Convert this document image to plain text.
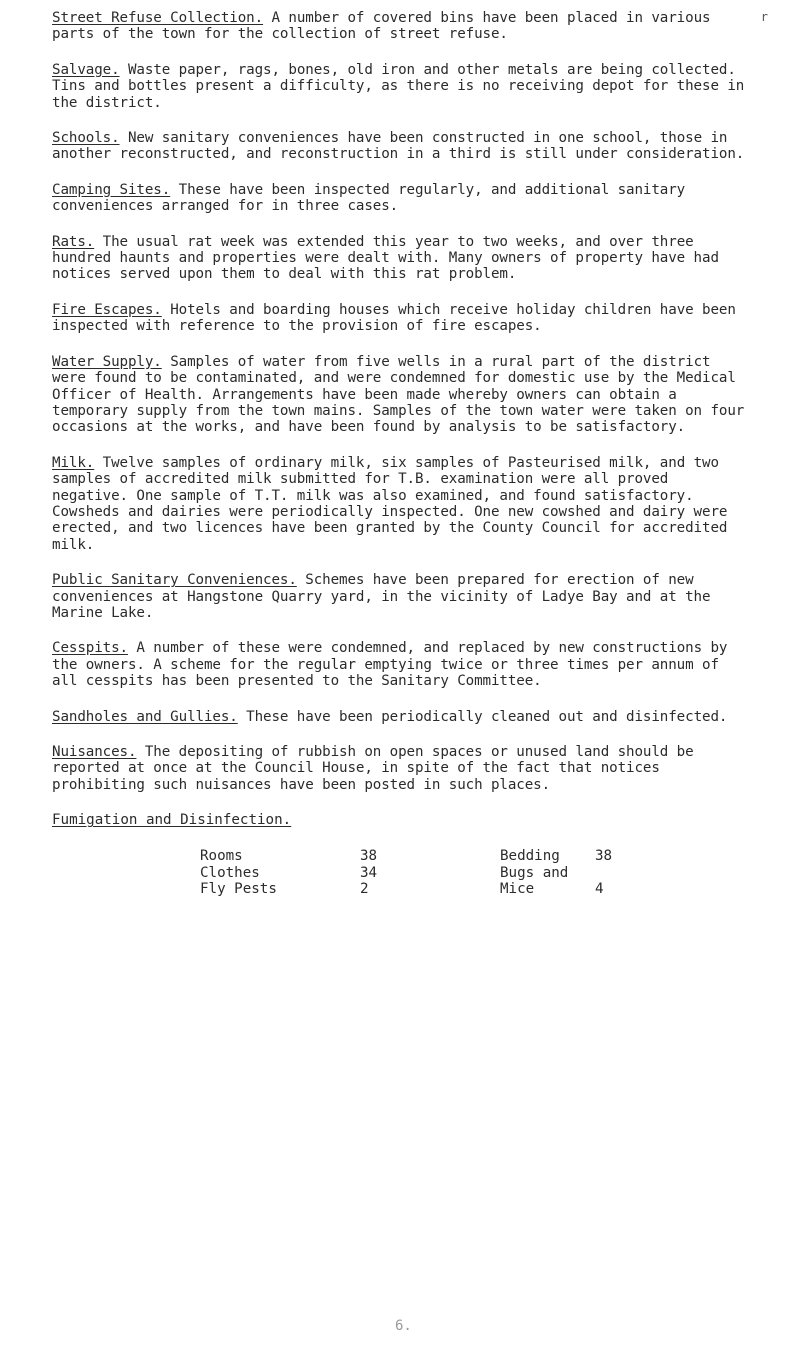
r

Street Refuse Collection. A number of covered bins have been placed in various parts of the town for the collection of street refuse.

Salvage. Waste paper, rags, bones, old iron and other metals are being collected. Tins and bottles present a difficulty, as there is no receiving depot for these in the district.

Schools. New sanitary conveniences have been constructed in one school, those in another reconstructed, and reconstruction in a third is still under consideration.

Camping Sites. These have been inspected regularly, and additional sanitary conveniences arranged for in three cases.

Rats. The usual rat week was extended this year to two weeks, and over three hundred haunts and properties were dealt with. Many owners of property have had notices served upon them to deal with this rat problem.

Fire Escapes. Hotels and boarding houses which receive holiday children have been inspected with reference to the provision of fire escapes.

Water Supply. Samples of water from five wells in a rural part of the district were found to be contaminated, and were condemned for domestic use by the Medical Officer of Health. Arrangements have been made whereby owners can obtain a temporary supply from the town mains. Samples of the town water were taken on four occasions at the works, and have been found by analysis to be satisfactory.

Milk. Twelve samples of ordinary milk, six samples of Pasteurised milk, and two samples of accredited milk submitted for T.B. examination were all proved negative. One sample of T.T. milk was also examined, and found satisfactory. Cowsheds and dairies were periodically inspected. One new cowshed and dairy were erected, and two licences have been granted by the County Council for accredited milk.

Public Sanitary Conveniences. Schemes have been prepared for erection of new conveniences at Hangstone Quarry yard, in the vicinity of Ladye Bay and at the Marine Lake.

Cesspits. A number of these were condemned, and replaced by new constructions by the owners. A scheme for the regular emptying twice or three times per annum of all cesspits has been presented to the Sanitary Committee.

Sandholes and Gullies. These have been periodically cleaned out and disinfected.

Nuisances. The depositing of rubbish on open spaces or unused land should be reported at once at the Council House, in spite of the fact that notices prohibiting such nuisances have been posted in such places.

Fumigation and Disinfection.

Rooms	38	Bedding	38
Clothes	34	Bugs and
Fly Pests	2	Mice	4
6.
